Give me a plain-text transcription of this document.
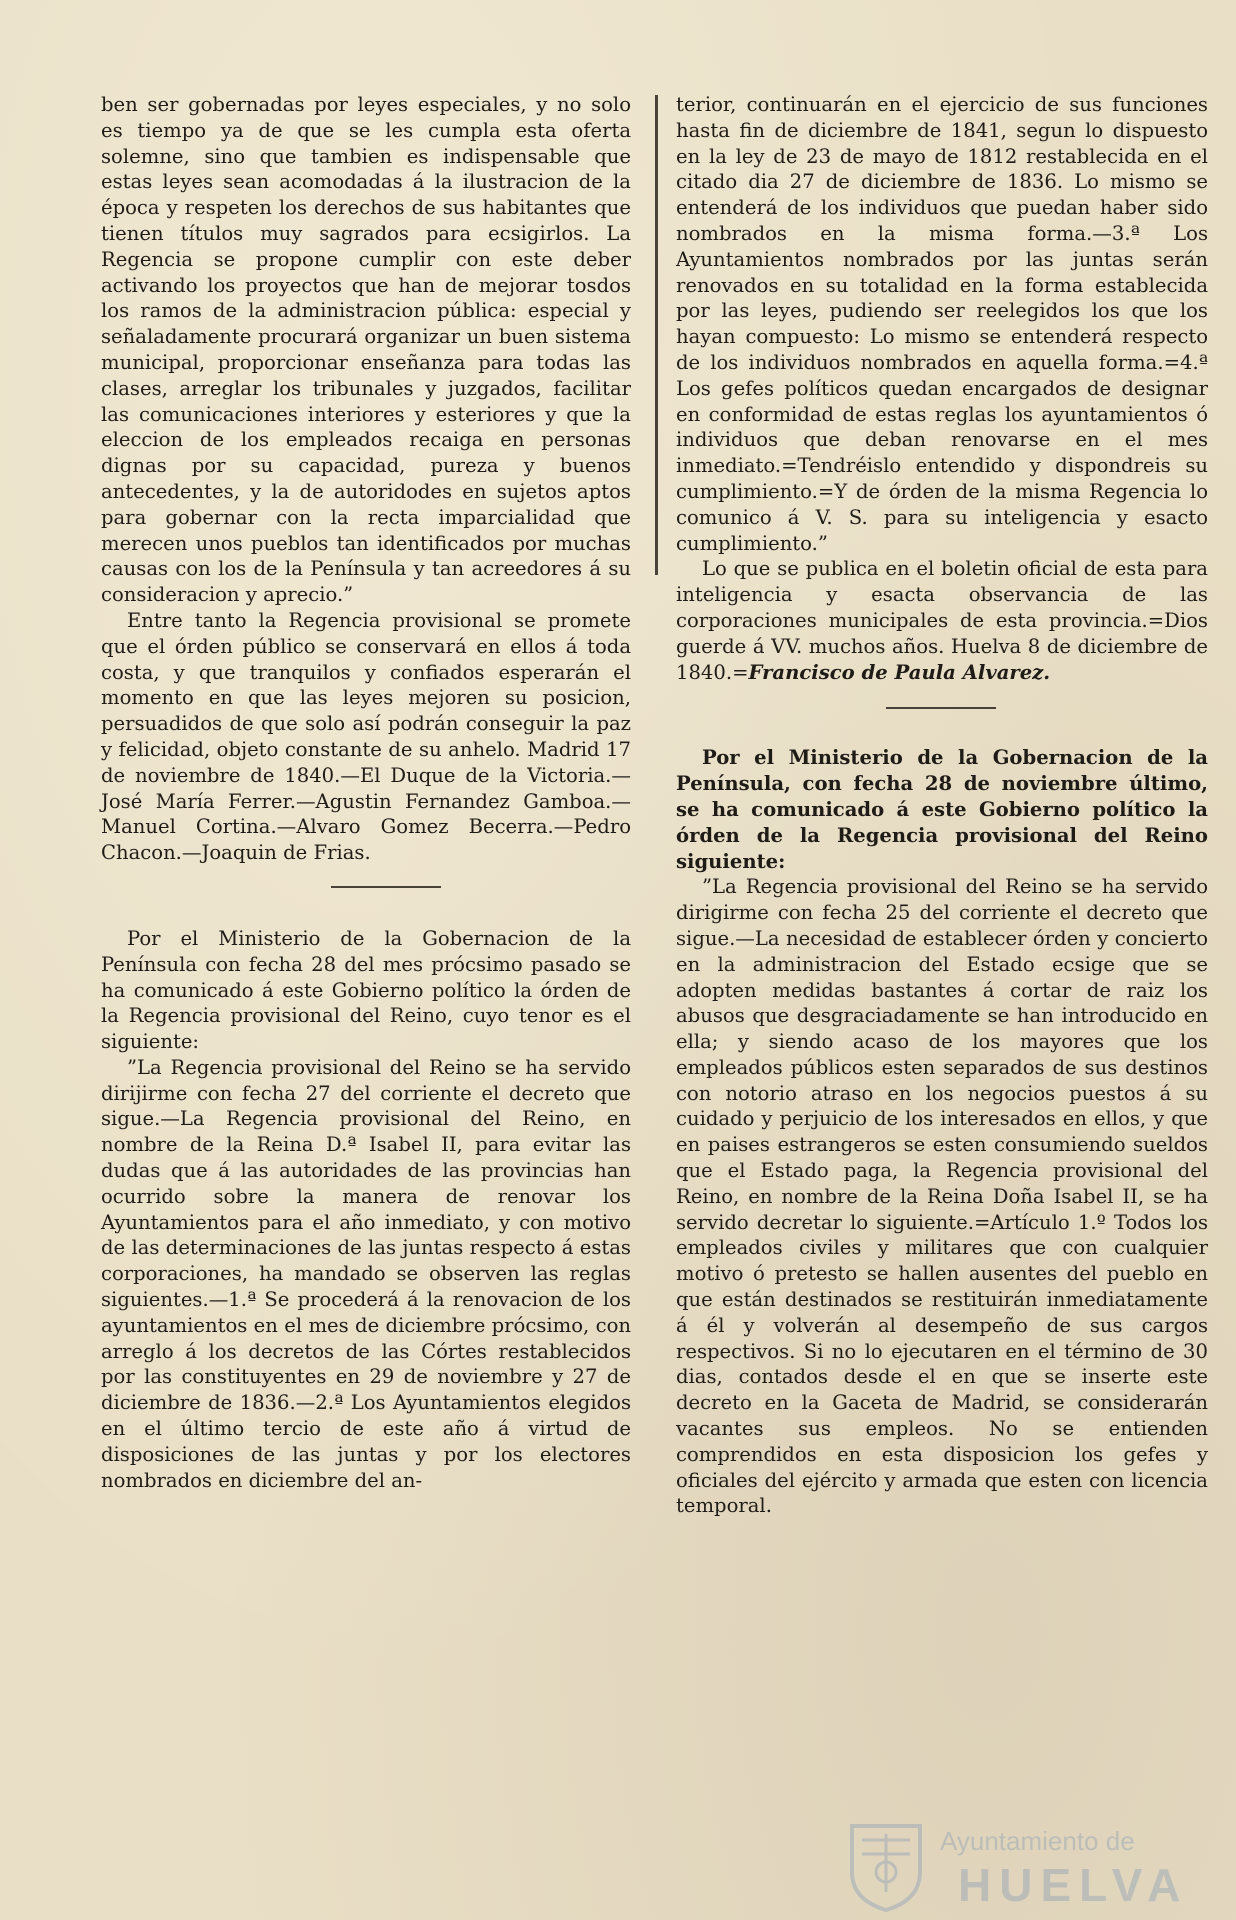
ben ser gobernadas por leyes especiales, y no solo es tiempo ya de que se les cumpla esta oferta solemne, sino que tambien es indispensable que estas leyes sean acomodadas á la ilustracion de la época y respeten los derechos de sus habitantes que tienen títulos muy sagrados para ecsigirlos. La Regencia se propone cumplir con este deber activando los proyectos que han de mejorar tosdos los ramos de la administracion pública: especial y señaladamente procurará organizar un buen sistema municipal, proporcionar enseñanza para todas las clases, arreglar los tribunales y juzgados, facilitar las comunicaciones interiores y esteriores y que la eleccion de los empleados recaiga en personas dignas por su capacidad, pureza y buenos antecedentes, y la de autoridodes en sujetos aptos para gobernar con la recta imparcialidad que merecen unos pueblos tan identificados por muchas causas con los de la Península y tan acreedores á su consideracion y aprecio.”

Entre tanto la Regencia provisional se promete que el órden público se conservará en ellos á toda costa, y que tranquilos y confiados esperarán el momento en que las leyes mejoren su posicion, persuadidos de que solo así podrán conseguir la paz y felicidad, objeto constante de su anhelo. Madrid 17 de noviembre de 1840.—El Duque de la Victoria.—José María Ferrer.—Agustin Fernandez Gamboa.—Manuel Cortina.—Alvaro Gomez Becerra.—Pedro Chacon.—Joaquin de Frias.

Por el Ministerio de la Gobernacion de la Península con fecha 28 del mes prócsimo pasado se ha comunicado á este Gobierno político la órden de la Regencia provisional del Reino, cuyo tenor es el siguiente:

”La Regencia provisional del Reino se ha servido dirijirme con fecha 27 del corriente el decreto que sigue.—La Regencia provisional del Reino, en nombre de la Reina D.ª Isabel II, para evitar las dudas que á las autoridades de las provincias han ocurrido sobre la manera de renovar los Ayuntamientos para el año inmediato, y con motivo de las determinaciones de las juntas respecto á estas corporaciones, ha mandado se observen las reglas siguientes.—1.ª Se procederá á la renovacion de los ayuntamientos en el mes de diciembre prócsimo, con arreglo á los decretos de las Córtes restablecidos por las constituyentes en 29 de noviembre y 27 de diciembre de 1836.—2.ª Los Ayuntamientos elegidos en el último tercio de este año á virtud de disposiciones de las juntas y por los electores nombrados en diciembre del an-

terior, continuarán en el ejercicio de sus funciones hasta fin de diciembre de 1841, segun lo dispuesto en la ley de 23 de mayo de 1812 restablecida en el citado dia 27 de diciembre de 1836. Lo mismo se entenderá de los individuos que puedan haber sido nombrados en la misma forma.—3.ª Los Ayuntamientos nombrados por las juntas serán renovados en su totalidad en la forma establecida por las leyes, pudiendo ser reelegidos los que los hayan compuesto: Lo mismo se entenderá respecto de los individuos nombrados en aquella forma.=4.ª Los gefes políticos quedan encargados de designar en conformidad de estas reglas los ayuntamientos ó individuos que deban renovarse en el mes inmediato.=Tendréislo entendido y dispondreis su cumplimiento.=Y de órden de la misma Regencia lo comunico á V. S. para su inteligencia y esacto cumplimiento.”

Lo que se publica en el boletin oficial de esta para inteligencia y esacta observancia de las corporaciones municipales de esta provincia.=Dios guerde á VV. muchos años. Huelva 8 de diciembre de 1840.=Francisco de Paula Alvarez.

Por el Ministerio de la Gobernacion de la Península, con fecha 28 de noviembre último, se ha comunicado á este Gobierno político la órden de la Regencia provisional del Reino siguiente:

”La Regencia provisional del Reino se ha servido dirigirme con fecha 25 del corriente el decreto que sigue.—La necesidad de establecer órden y concierto en la administracion del Estado ecsige que se adopten medidas bastantes á cortar de raiz los abusos que desgraciadamente se han introducido en ella; y siendo acaso de los mayores que los empleados públicos esten separados de sus destinos con notorio atraso en los negocios puestos á su cuidado y perjuicio de los interesados en ellos, y que en paises estrangeros se esten consumiendo sueldos que el Estado paga, la Regencia provisional del Reino, en nombre de la Reina Doña Isabel II, se ha servido decretar lo siguiente.=Artículo 1.º Todos los empleados civiles y militares que con cualquier motivo ó pretesto se hallen ausentes del pueblo en que están destinados se restituirán inmediatamente á él y volverán al desempeño de sus cargos respectivos. Si no lo ejecutaren en el término de 30 dias, contados desde el en que se inserte este decreto en la Gaceta de Madrid, se considerarán vacantes sus empleos. No se entienden comprendidos en esta disposicion los gefes y oficiales del ejército y armada que esten con licencia temporal.

Ayuntamiento de
HUELVA
